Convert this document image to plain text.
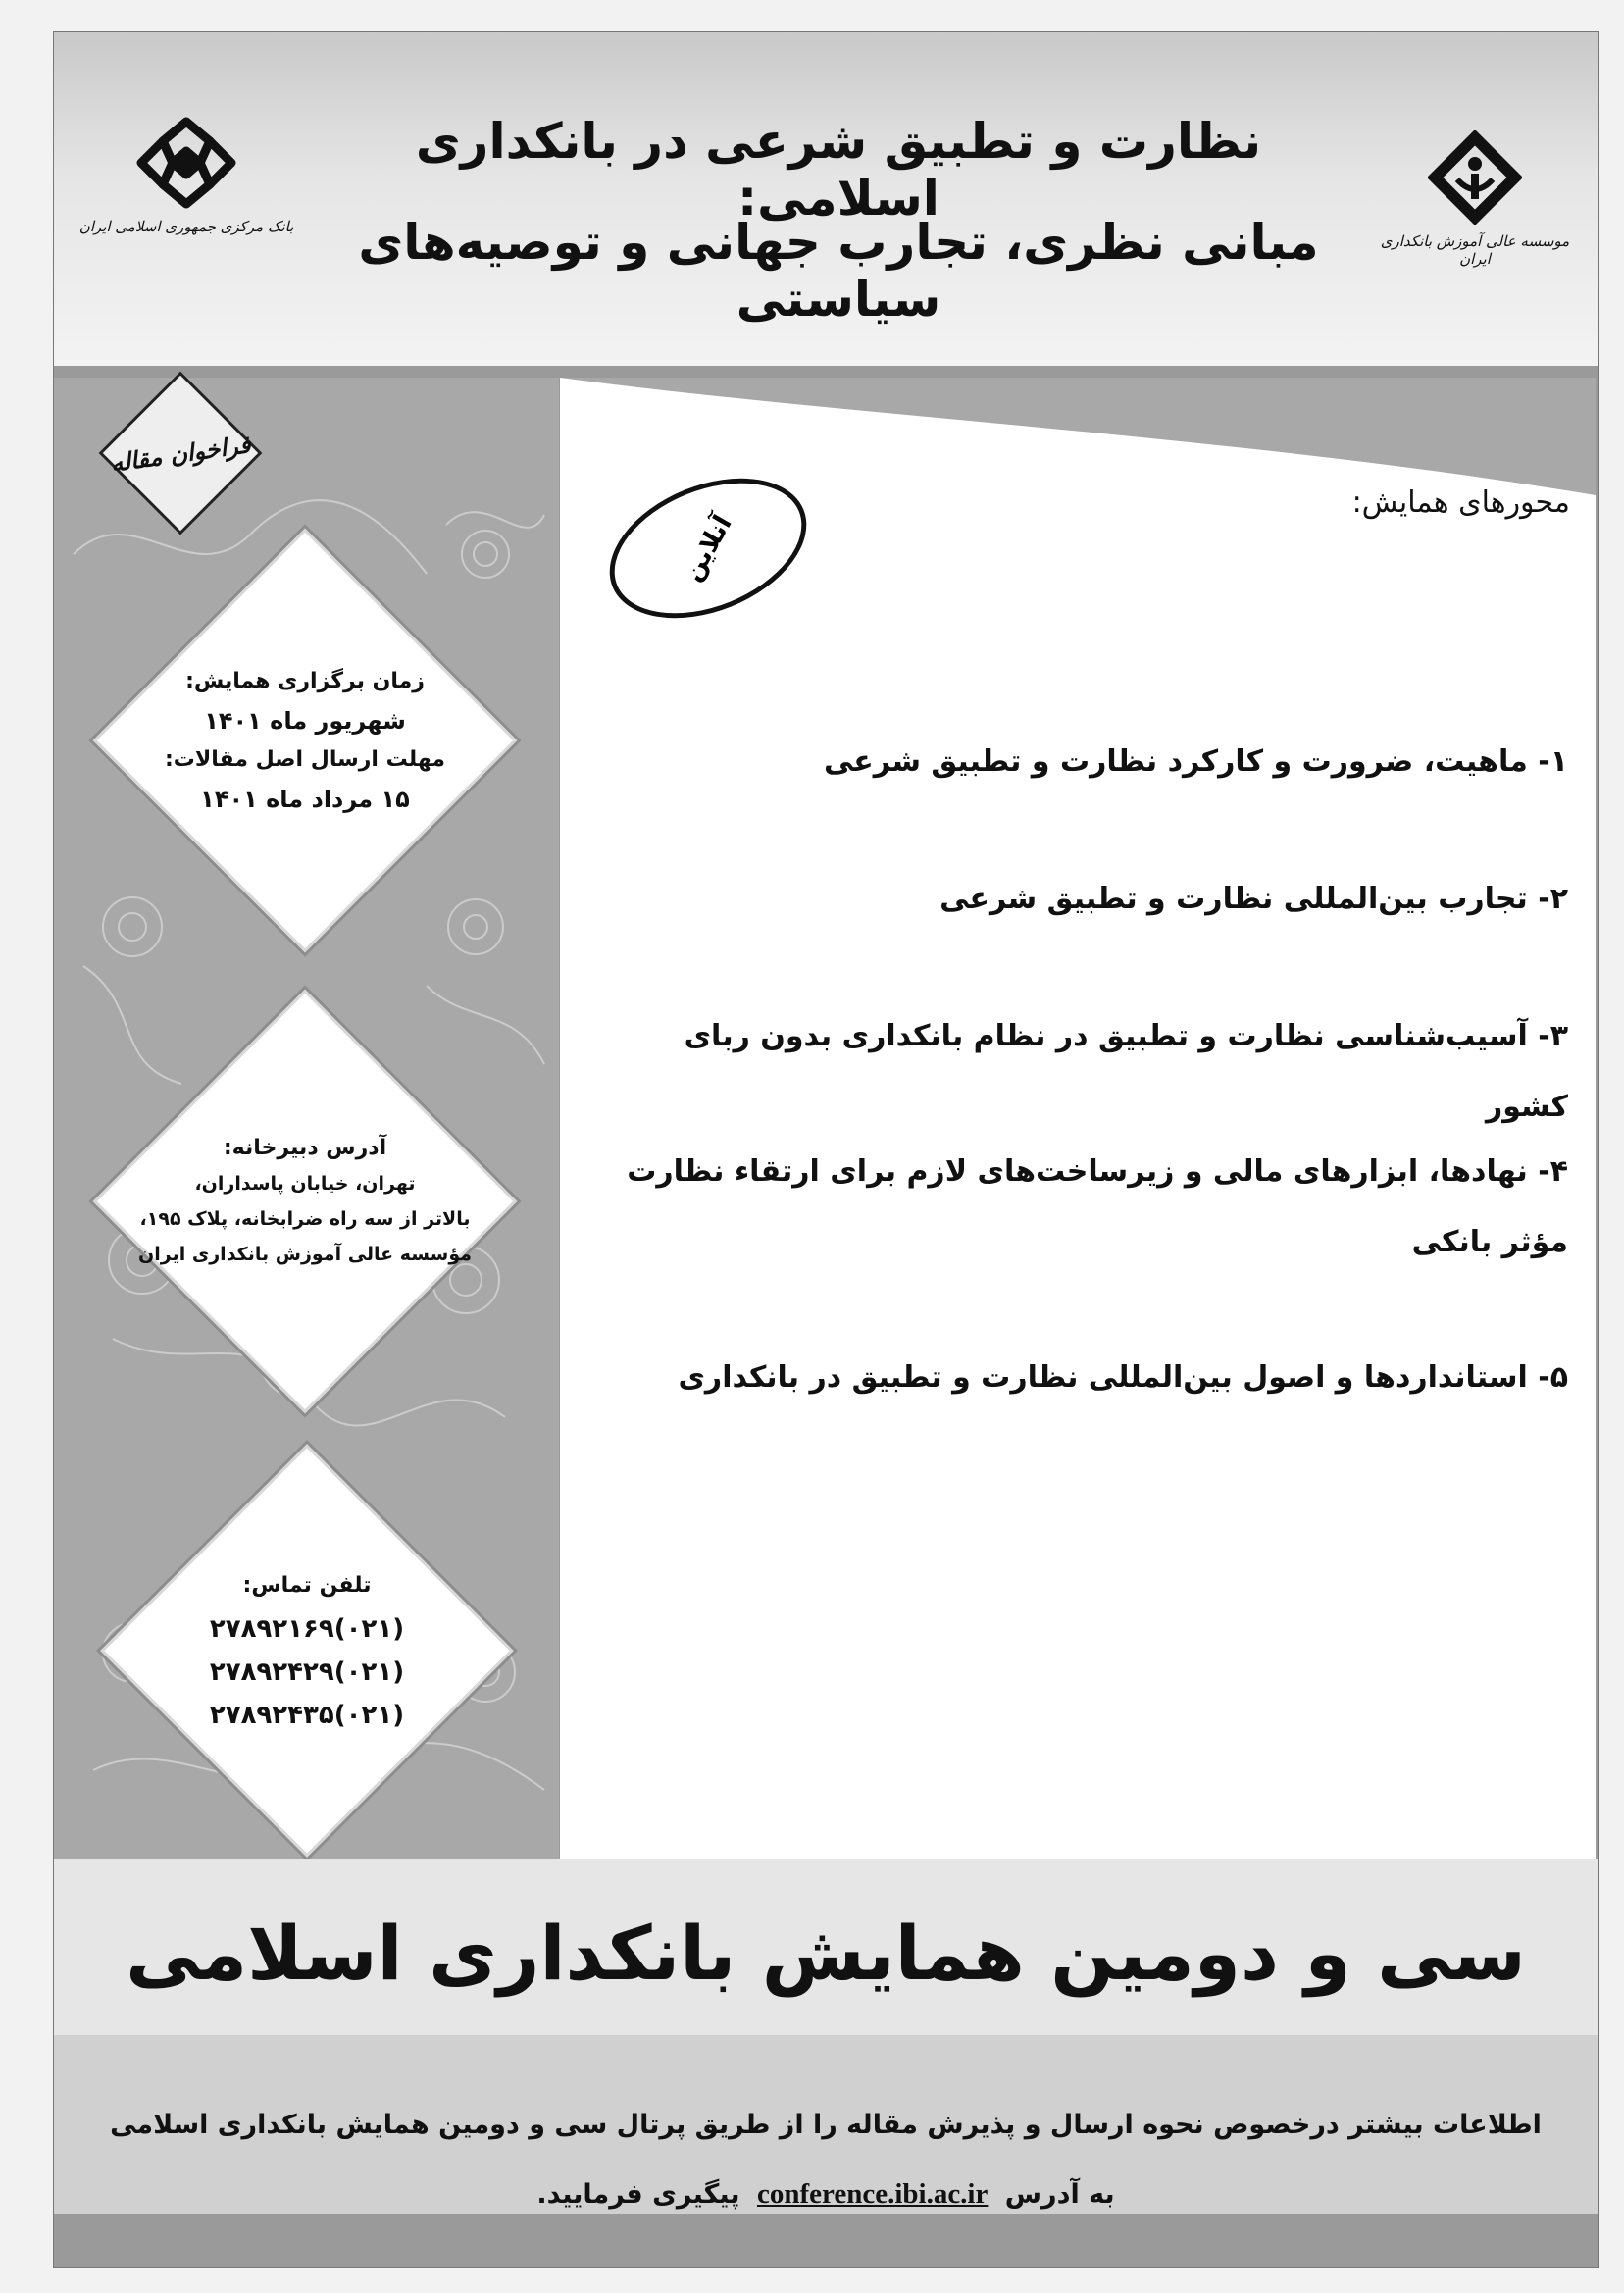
موسسه عالی آموزش بانکداری ایران
نظارت و تطبیق شرعی در بانکداری اسلامی:
مبانی نظری، تجارب جهانی و توصیه‌های سیاستی
بانک مرکزی جمهوری اسلامی ایران
فراخوان مقاله

زمان برگزاری همایش:

شهریور ماه ۱۴۰۱

مهلت ارسال اصل مقالات:

۱۵ مرداد ماه ۱۴۰۱

آدرس دبیرخانه:

تهران، خیابان پاسداران،

بالاتر از سه راه ضرابخانه، پلاک ۱۹۵،

مؤسسه عالی آموزش بانکداری ایران

تلفن تماس:

(۰۲۱)۲۷۸۹۲۱۶۹

(۰۲۱)۲۷۸۹۲۴۲۹

(۰۲۱)۲۷۸۹۲۴۳۵

آنلاین
محورهای همایش:

۱- ماهیت، ضرورت و کارکرد نظارت و تطبیق شرعی

۲- تجارب بین‌المللی نظارت و تطبیق شرعی

۳- آسیب‌شناسی نظارت و تطبیق در نظام بانکداری بدون ربای کشور

۴- نهادها، ابزارهای مالی و زیرساخت‌های لازم برای ارتقاء نظارت مؤثر بانکی

۵- استانداردها و اصول بین‌المللی نظارت و تطبیق در بانکداری

سی و دومین همایش بانکداری اسلامی

اطلاعات بیشتر درخصوص نحوه ارسال و پذیرش مقاله را از طریق پرتال سی و دومین همایش بانکداری اسلامی

به آدرس conference.ibi.ac.ir پیگیری فرمایید.
